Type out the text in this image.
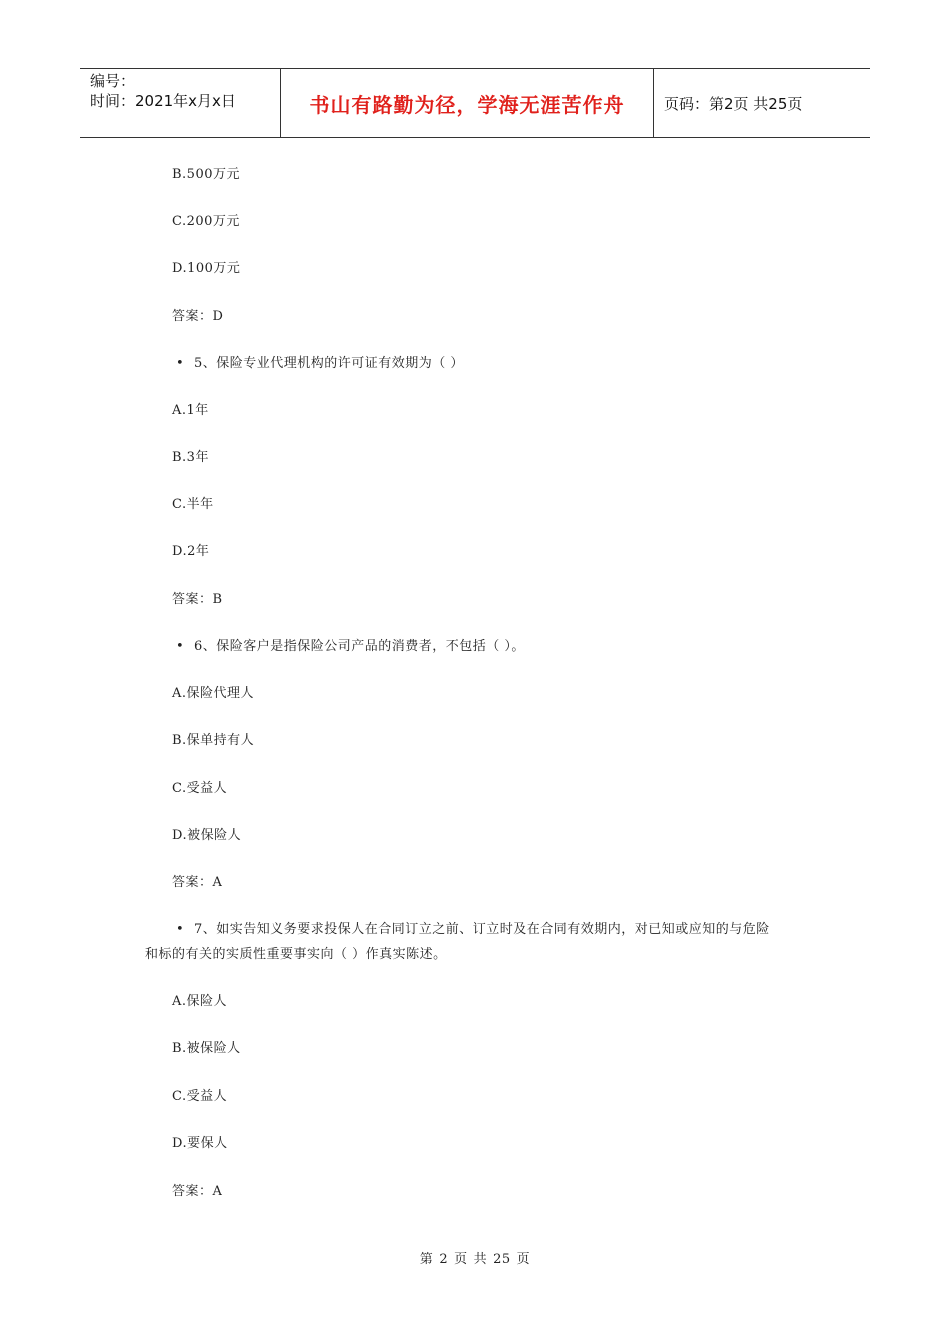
编号：
时间：2021年x月x日	书山有路勤为径，学海无涯苦作舟	页码：第2页 共25页
B.500万元
C.200万元
D.100万元
答案：D
• 5、保险专业代理机构的许可证有效期为（ ）
A.1年
B.3年
C.半年
D.2年
答案：B
• 6、保险客户是指保险公司产品的消费者，不包括（ ）。
A.保险代理人
B.保单持有人
C.受益人
D.被保险人
答案：A
• 7、如实告知义务要求投保人在合同订立之前、订立时及在合同有效期内，对已知或应知的与危险
和标的有关的实质性重要事实向（ ）作真实陈述。
A.保险人
B.被保险人
C.受益人
D.要保人
答案：A
第 2 页 共 25 页
